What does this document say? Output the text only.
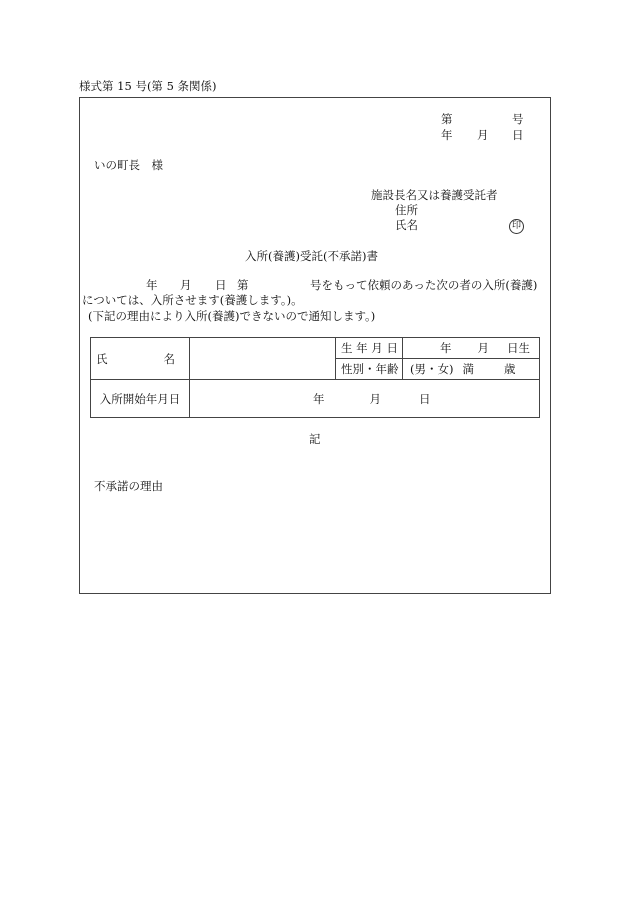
様式第 15 号(第 5 条関係)
第	号
年 月 日
いの町長　様
施設長名又は養護受託者
住所
氏名	印
入所(養護)受託(不承諾)書
年 月 日 第	号をもって依頼のあった次の者の入所(養護)
については、入所させます(養護します。)。
(下記の理由により入所(養護)できないので通知します。)
氏 名		生 年 月 日	年 月 日生
		性別・年齢	(男・女) 満 歳
入所開始年月日	年 月 日		
記
不承諾の理由
